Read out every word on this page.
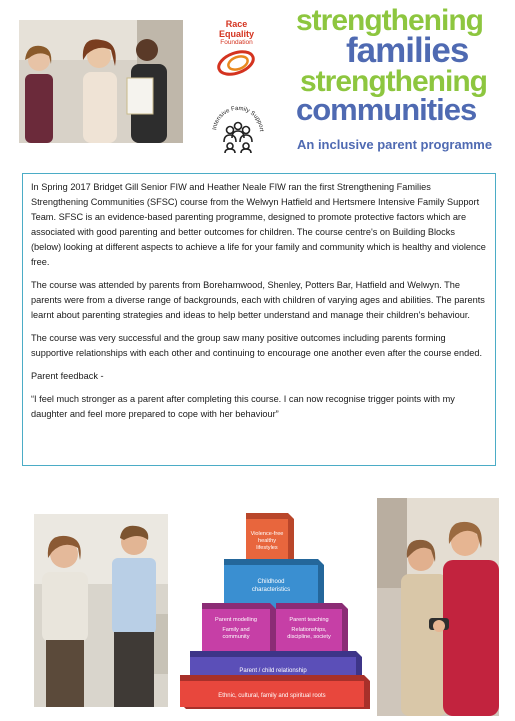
Race
Equality
Foundation
Intensive Family Support
strengthening
families
strengthening
communities
An inclusive parent programme

In Spring 2017 Bridget Gill Senior FIW and Heather Neale FIW ran the first Strengthening Families Strengthening Communities (SFSC) course from the Welwyn Hatfield and Hertsmere Intensive Family Support Team. SFSC is an evidence-based parenting programme, designed to promote protective factors which are associated with good parenting and better outcomes for children. The course centre's on Building Blocks (below) looking at different aspects to achieve a life for your family and community which is healthy and violence free.

The course was attended by parents from Borehamwood, Shenley, Potters Bar, Hatfield and Welwyn. The parents were from a diverse range of backgrounds, each with children of varying ages and abilities. The parents learnt about parenting strategies and ideas to help better understand and manage their children's behaviour.

The course was very successful and the group saw many positive outcomes including parents forming supportive relationships with each other and continuing to encourage one another even after the course ended.

Parent feedback -

“I feel much stronger as a parent after completing this course. I can now recognise trigger points with my daughter and feel more prepared to cope with her behaviour”

Violence-free
healthy
lifestyles
Childhood
characteristics
Parent modelling
Family and
community
Parent teaching
Relationships,
discipline, society
Parent / child relationship
Ethnic, cultural, family and spiritual roots
